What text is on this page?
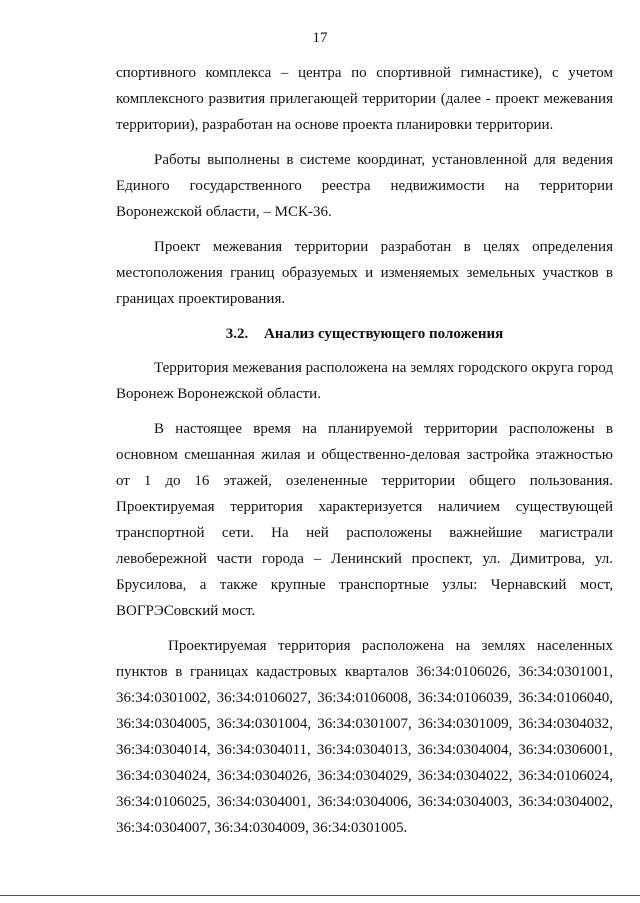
17

спортивного комплекса – центра по спортивной гимнастике), с учетом комплексного развития прилегающей территории (далее - проект межевания территории), разработан на основе проекта планировки территории.

Работы выполнены в системе координат, установленной для ведения Единого государственного реестра недвижимости на территории Воронежской области, – МСК-36.

Проект межевания территории разработан в целях определения местоположения границ образуемых и изменяемых земельных участков в границах проектирования.

3.2. Анализ существующего положения

Территория межевания расположена на землях городского округа город Воронеж Воронежской области.

В настоящее время на планируемой территории расположены в основном смешанная жилая и общественно-деловая застройка этажностью от 1 до 16 этажей, озелененные территории общего пользования. Проектируемая территория характеризуется наличием существующей транспортной сети. На ней расположены важнейшие магистрали левобережной части города – Ленинский проспект, ул. Димитрова, ул. Брусилова, а также крупные транспортные узлы: Чернавский мост, ВОГРЭСовский мост.

Проектируемая территория расположена на землях населенных пунктов в границах кадастровых кварталов 36:34:0106026, 36:34:0301001, 36:34:0301002, 36:34:0106027, 36:34:0106008, 36:34:0106039, 36:34:0106040, 36:34:0304005, 36:34:0301004, 36:34:0301007, 36:34:0301009, 36:34:0304032, 36:34:0304014, 36:34:0304011, 36:34:0304013, 36:34:0304004, 36:34:0306001, 36:34:0304024, 36:34:0304026, 36:34:0304029, 36:34:0304022, 36:34:0106024, 36:34:0106025, 36:34:0304001, 36:34:0304006, 36:34:0304003, 36:34:0304002, 36:34:0304007, 36:34:0304009, 36:34:0301005.
